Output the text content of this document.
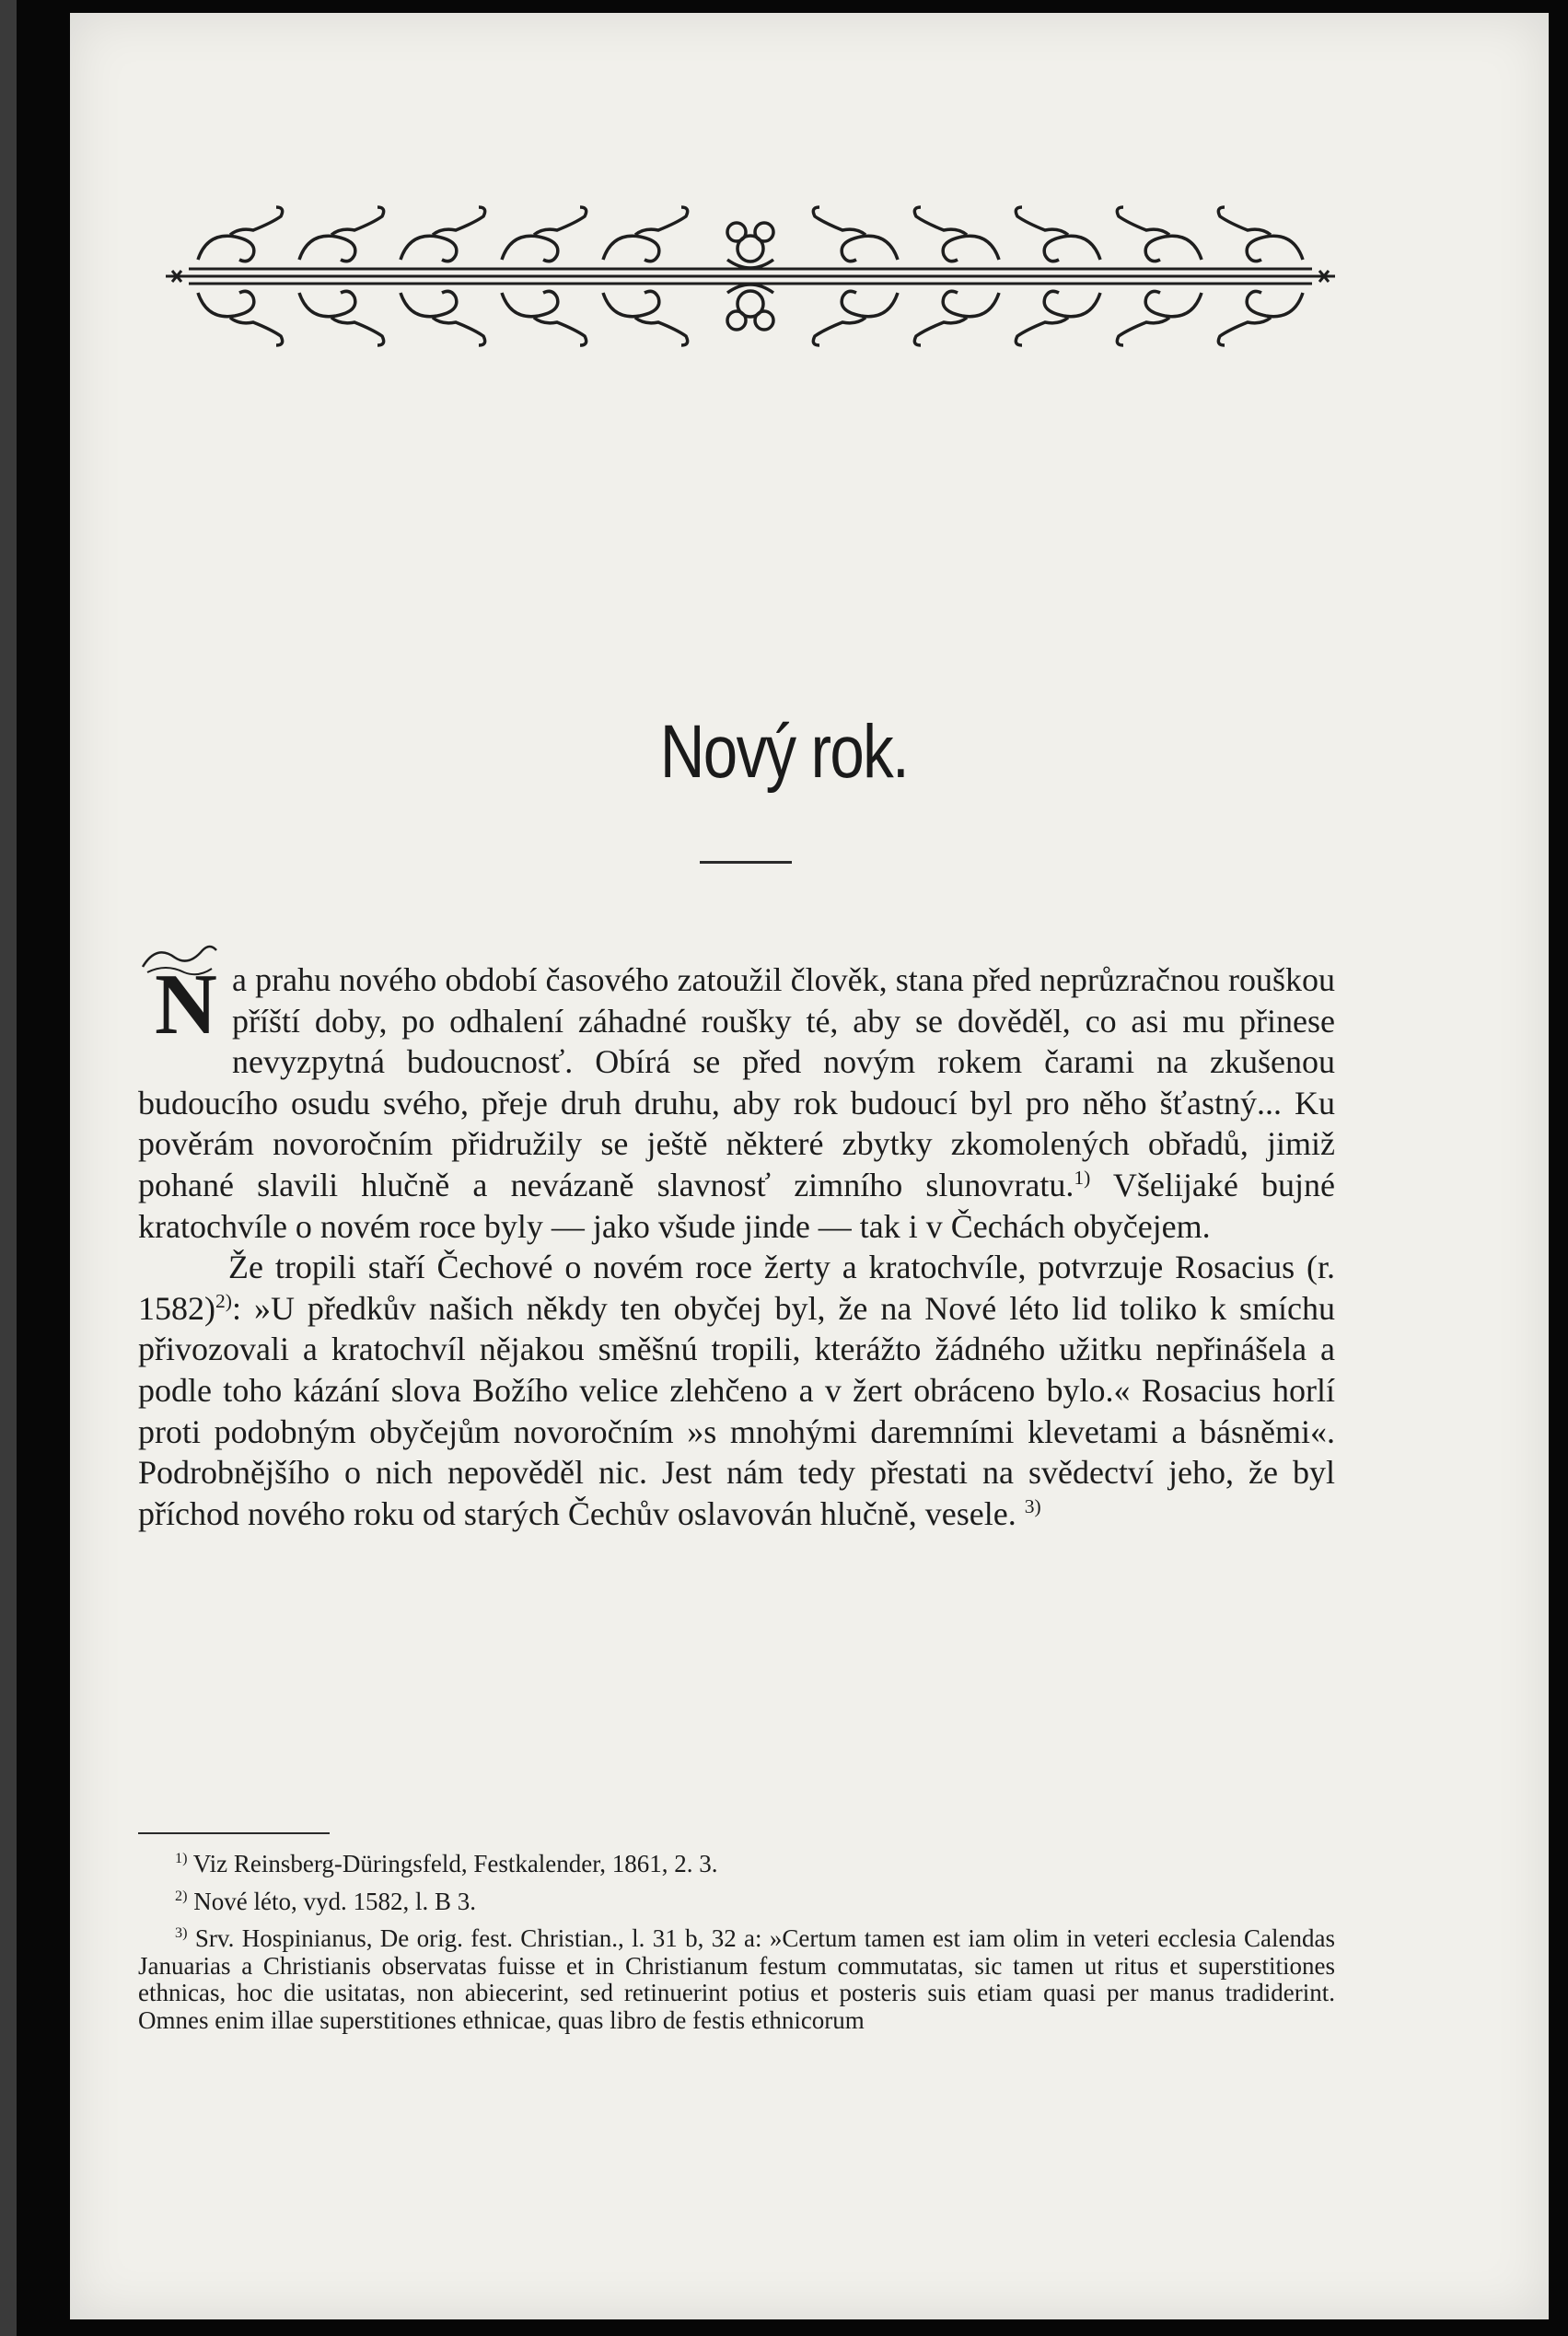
Nový rok.

N a prahu nového období časového zatoužil člověk, stana před neprůzračnou rouškou příští doby, po odhalení záhadné roušky té, aby se dověděl, co asi mu přinese nevyzpytná budoucnosť. Obírá se před novým rokem čarami na zkušenou budoucího osudu svého, přeje druh druhu, aby rok budoucí byl pro něho šťastný... Ku pověrám novoročním přidružily se ještě některé zbytky zkomolených obřadů, jimiž pohané slavili hlučně a nevázaně slavnosť zimního slunovratu.$^{1)}$ Všelijaké bujné kratochvíle o novém roce byly — jako všude jinde — tak i v Čechách obyčejem.

Že tropili staří Čechové o novém roce žerty a kratochvíle, potvrzuje Rosacius (r. 1582)$^{2)}$: »U předkův našich někdy ten obyčej byl, že na Nové léto lid toliko k smíchu přivozovali a kratochvíl nějakou směšnú tropili, kterážto žádného užitku nepřinášela a podle toho kázání slova Božího velice zlehčeno a v žert obráceno bylo.« Rosacius horlí proti podobným obyčejům novoročním »s mnohými daremními klevetami a básněmi«. Podrobnějšího o nich nepověděl nic. Jest nám tedy přestati na svědectví jeho, že byl příchod nového roku od starých Čechův oslavován hlučně, vesele. $^{3)}$

$^{1)}$ Viz Reinsberg-Düringsfeld, Festkalender, 1861, 2. 3.

$^{2)}$ Nové léto, vyd. 1582, l. B 3.

$^{3)}$ Srv. Hospinianus, De orig. fest. Christian., l. 31 b, 32 a: »Certum tamen est iam olim in veteri ecclesia Calendas Januarias a Christianis observatas fuisse et in Christianum festum commutatas, sic tamen ut ritus et superstitiones ethnicas, hoc die usitatas, non abiecerint, sed retinuerint potius et posteris suis etiam quasi per manus tradiderint. Omnes enim illae superstitiones ethnicae, quas libro de festis ethnicorum
